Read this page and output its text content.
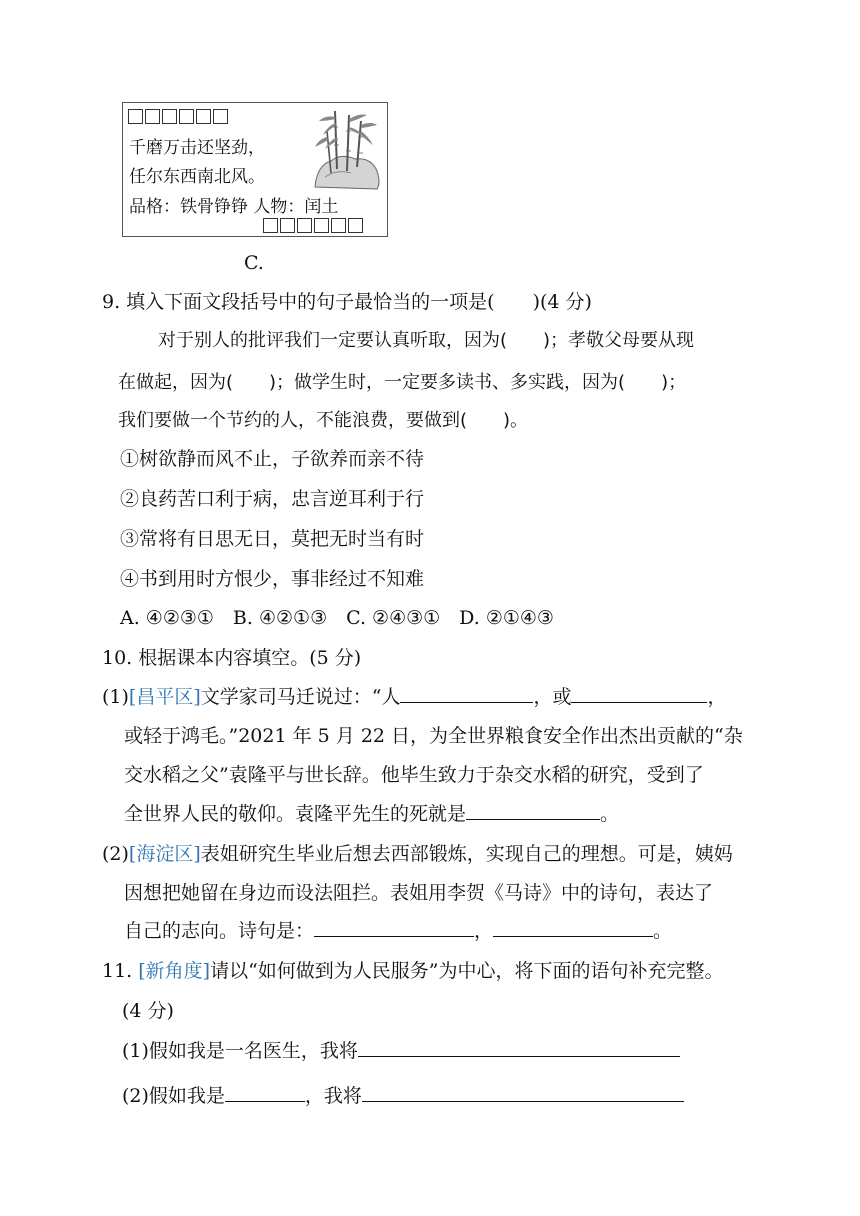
千磨万击还坚劲，
任尔东西南北风。
品格：铁骨铮铮 人物：闰土
C.
9. 填入下面文段括号中的句子最恰当的一项是(　　)(4 分)
对于别人的批评我们一定要认真听取，因为(　　)；孝敬父母要从现
在做起，因为(　　)；做学生时，一定要多读书、多实践，因为(　　)；
我们要做一个节约的人，不能浪费，要做到(　　)。
①树欲静而风不止，子欲养而亲不待
②良药苦口利于病，忠言逆耳利于行
③常将有日思无日，莫把无时当有时
④书到用时方恨少，事非经过不知难
A. ④②③①　B. ④②①③　C. ②④③①　D. ②①④③
10. 根据课本内容填空。(5 分)
(1)[昌平区]文学家司马迁说过：“人	，或	，
或轻于鸿毛。”2021 年 5 月 22 日，为全世界粮食安全作出杰出贡献的“杂
交水稻之父”袁隆平与世长辞。他毕生致力于杂交水稻的研究，受到了
全世界人民的敬仰。袁隆平先生的死就是	。
(2)[海淀区]表姐研究生毕业后想去西部锻炼，实现自己的理想。可是，姨妈
因想把她留在身边而设法阻拦。表姐用李贺《马诗》中的诗句，表达了
自己的志向。诗句是：	，	。
11. [新角度]请以“如何做到为人民服务”为中心，将下面的语句补充完整。
(4 分)
(1)假如我是一名医生，我将
(2)假如我是	，我将
